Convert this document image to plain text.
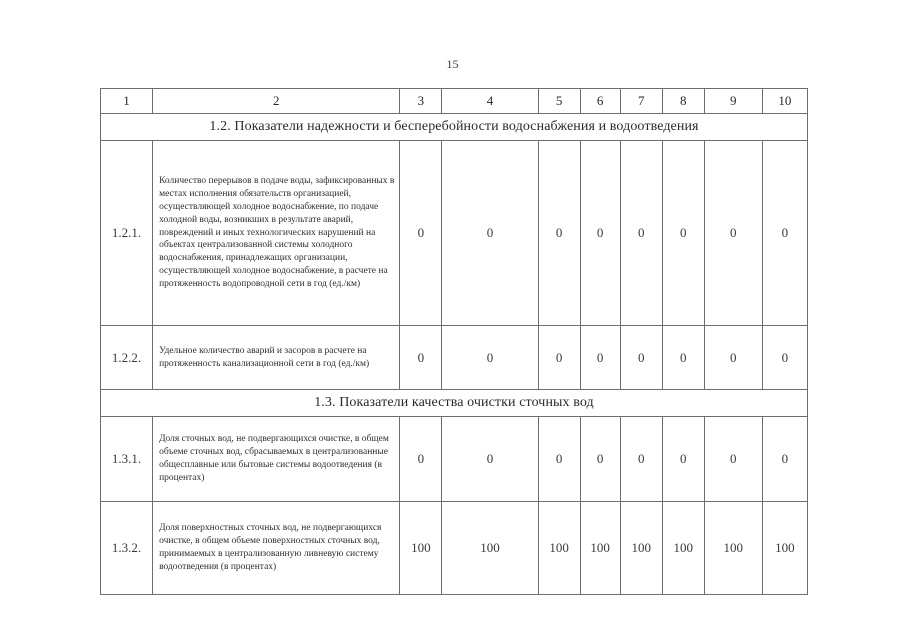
15
1	2	3	4	5	6	7	8	9	10
1.2. Показатели надежности и бесперебойности водоснабжения и водоотведения									
1.2.1.	Количество перерывов в подаче воды, зафиксированных в местах исполнения обязательств организацией, осуществляющей холодное водоснабжение, по подаче холодной воды, возникших в результате аварий, повреждений и иных технологических нарушений на объектах централизованной системы холодного водоснабжения, принадлежащих организации, осуществляющей холодное водоснабжение, в расчете на протяженность водопроводной сети в год (ед./км)	0	0	0	0	0	0	0	0
1.2.2.	Удельное количество аварий и засоров в расчете на протяженность канализационной сети в год (ед./км)	0	0	0	0	0	0	0	0
1.3. Показатели качества очистки сточных вод									
1.3.1.	Доля сточных вод, не подвергающихся очистке, в общем объеме сточных вод, сбрасываемых в централизованные общесплавные или бытовые системы водоотведения (в процентах)	0	0	0	0	0	0	0	0
1.3.2.	Доля поверхностных сточных вод, не подвергающихся очистке, в общем объеме поверхностных сточных вод, принимаемых в централизованную ливневую систему водоотведения (в процентах)	100	100	100	100	100	100	100	100
